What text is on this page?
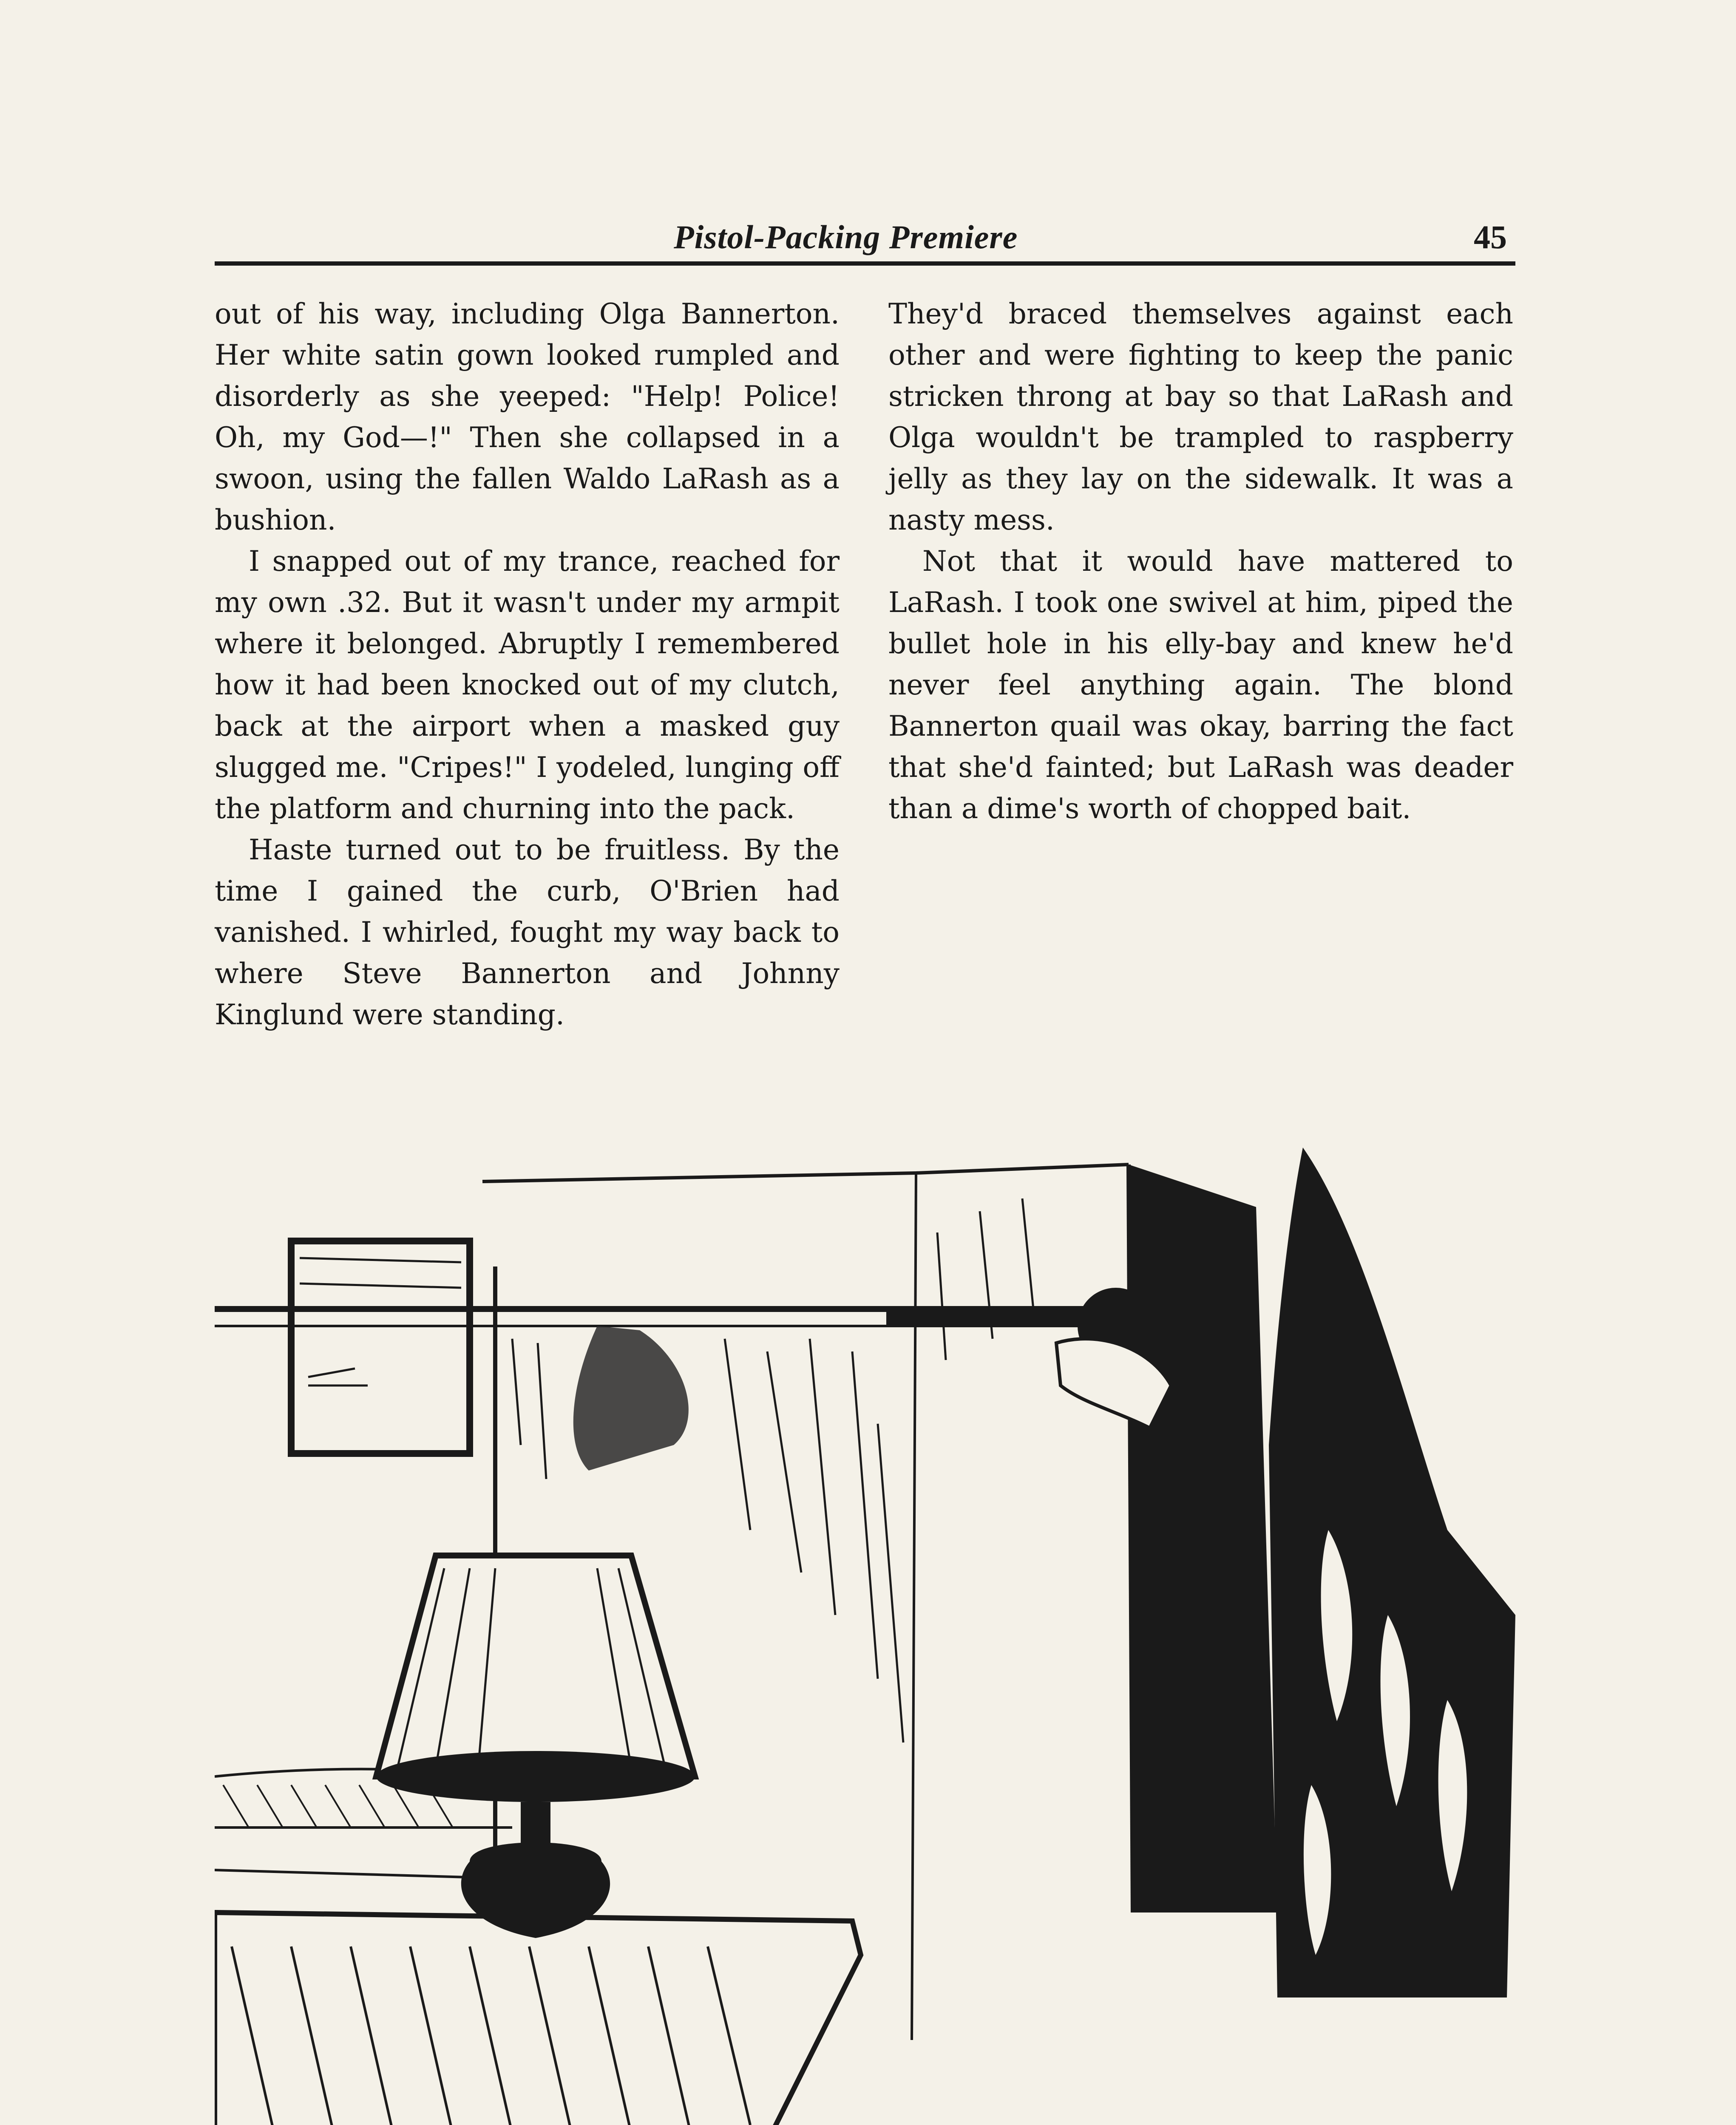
Pistol-Packing Premiere	45

out of his way, including Olga Bannerton. Her white satin gown looked rumpled and disorderly as she yeeped: "Help! Police! Oh, my God—!" Then she collapsed in a swoon, using the fallen Waldo LaRash as a bushion.

I snapped out of my trance, reached for my own .32. But it wasn't under my armpit where it belonged. Abruptly I remembered how it had been knocked out of my clutch, back at the airport when a masked guy slugged me. "Cripes!" I yodeled, lunging off the platform and churning into the pack.

Haste turned out to be fruitless. By the time I gained the curb, O'Brien had vanished. I whirled, fought my way back to where Steve Bannerton and Johnny Kinglund were standing.

They'd braced themselves against each other and were fighting to keep the panic stricken throng at bay so that LaRash and Olga wouldn't be trampled to raspberry jelly as they lay on the sidewalk. It was a nasty mess.

Not that it would have mattered to LaRash. I took one swivel at him, piped the bullet hole in his elly-bay and knew he'd never feel anything again. The blond Bannerton quail was okay, barring the fact that she'd fainted; but LaRash was deader than a dime's worth of chopped bait.
